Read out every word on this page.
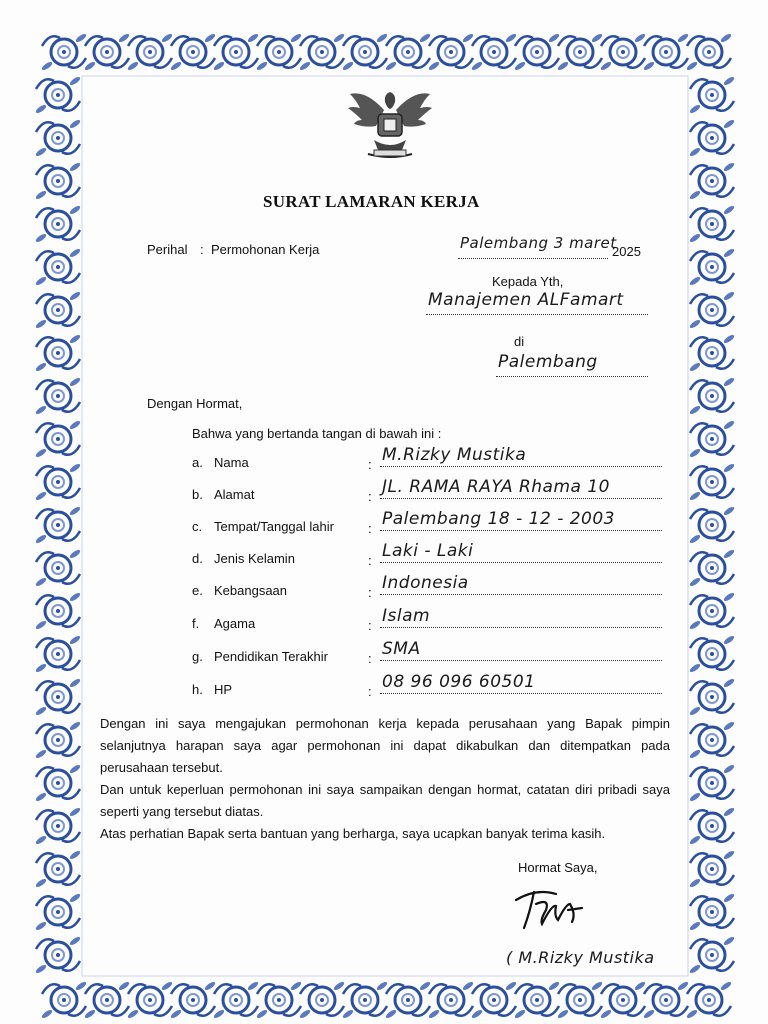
SURAT LAMARAN KERJA
Perihal : Permohonan Kerja	Palembang 3 maret
2025
Kepada Yth,
Manajemen ALFamart
di
Palembang
Dengan Hormat,
Bahwa yang bertanda tangan di bawah ini :
a. Nama	: M.Rizky Mustika
b. Alamat	: JL. RAMA RAYA Rhama 10
c. Tempat/Tanggal lahir	: Palembang 18 - 12 - 2003
d. Jenis Kelamin	: Laki - Laki
e. Kebangsaan	: Indonesia
f. Agama	: Islam
g. Pendidikan Terakhir	: SMA
h. HP	: 08 96 096 60501
Dengan ini saya mengajukan permohonan kerja kepada perusahaan yang Bapak pimpin selanjutnya harapan saya agar permohonan ini dapat dikabulkan dan ditempatkan pada perusahaan tersebut.
Dan untuk keperluan permohonan ini saya sampaikan dengan hormat, catatan diri pribadi saya seperti yang tersebut diatas.
Atas perhatian Bapak serta bantuan yang berharga, saya ucapkan banyak terima kasih.
Hormat Saya,
( M.Rizky Mustika
